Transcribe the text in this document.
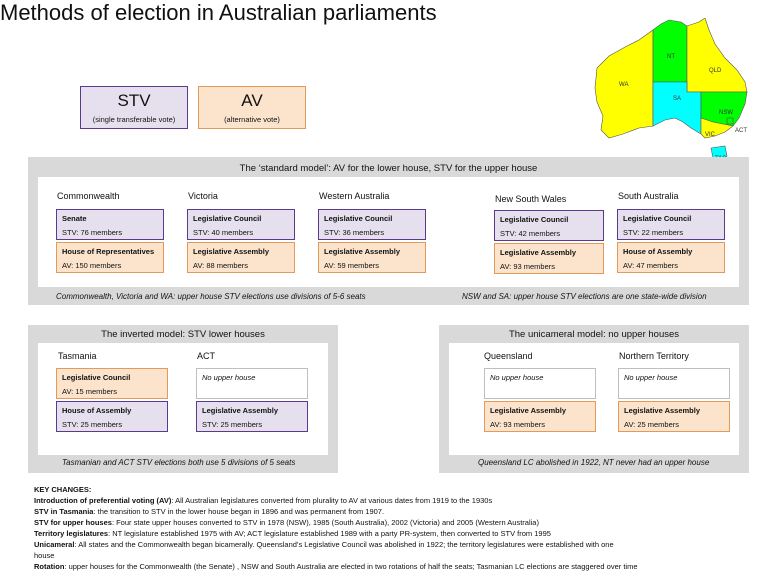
Methods of election in Australian parliaments
STV
(single transferable vote)
AV
(alternative vote)
WA
NT
QLD
SA
NSW
ACT
VIC
The ‘standard model’: AV for the lower house, STV for the upper house
Commonwealth, Victoria and WA: upper house STV elections use divisions of 5-6 seats	NSW and SA: upper house STV elections are one state-wide division
Commonwealth
Senate
STV: 76 members
House of Representatives
AV: 150 members
Victoria
Legislative Council
STV: 40 members
Legislative Assembly
AV: 88 members
Western Australia
Legislative Council
STV: 36 members
Legislative Assembly
AV: 59 members
New South Wales
Legislative Council
STV: 42 members
Legislative Assembly
AV: 93 members
South Australia
Legislative Council
STV: 22 members
House of Assembly
AV: 47 members
The inverted model: STV lower houses
Tasmanian and ACT STV elections both use 5 divisions of 5 seats
Tasmania
Legislative Council
AV: 15 members
House of Assembly
STV: 25 members
ACT
No upper house
Legislative Assembly
STV: 25 members
The unicameral model: no upper houses
Queensland LC abolished in 1922, NT never had an upper house
Queensland
No upper house
Legislative Assembly
AV: 93 members
Northern Territory
No upper house
Legislative Assembly
AV: 25 members
KEY CHANGES:
Introduction of preferential voting (AV): All Australian legislatures converted from plurality to AV at various dates from 1919 to the 1930s
STV in Tasmania: the transition to STV in the lower house began in 1896 and was permanent from 1907.
STV for upper houses: Four state upper houses converted to STV in 1978 (NSW), 1985 (South Australia), 2002 (Victoria) and 2005 (Western Australia)
Territory legislatures: NT legislature established 1975 with AV; ACT legislature established 1989 with a party PR-system, then converted to STV from 1995
Unicameral: All states and the Commonwealth began bicamerally. Queensland’s Legislative Council was abolished in 1922; the territory legislatures were established with one
house
Rotation: upper houses for the Commonwealth (the Senate) , NSW and South Australia are elected in two rotations of half the seats; Tasmanian LC elections are staggered over time
